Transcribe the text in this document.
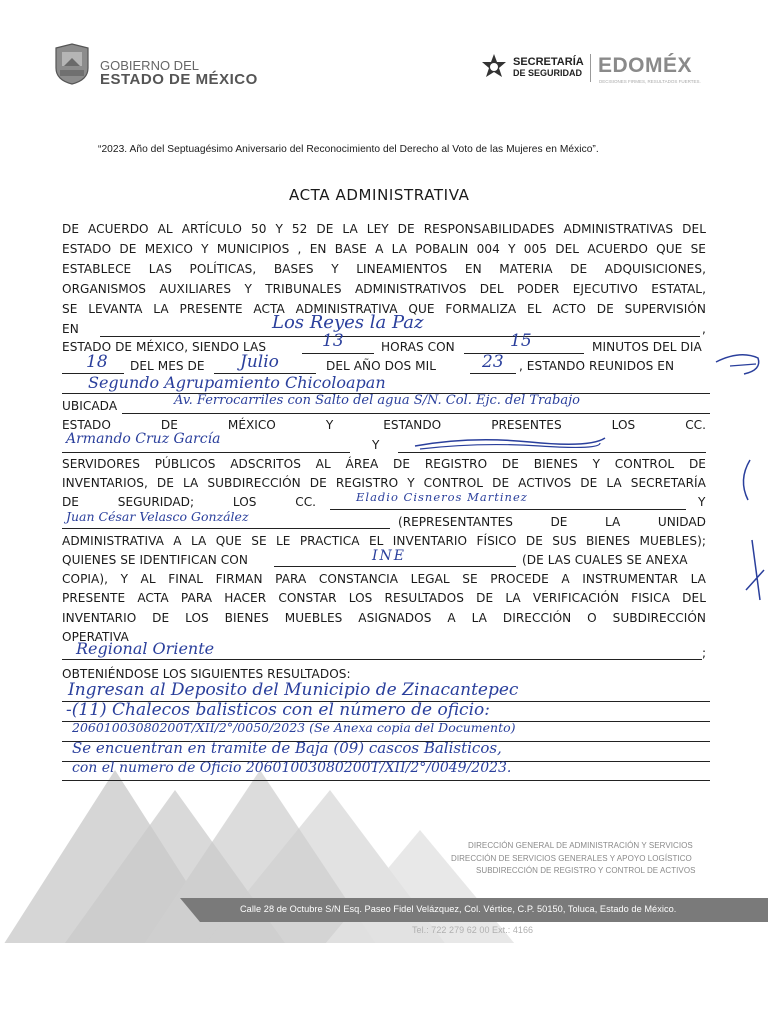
GOBIERNO DEL
ESTADO DE MÉXICO
SECRETARÍA
DE SEGURIDAD EDOMÉX
DECISIONES FIRMES, RESULTADOS FUERTES.
“2023. Año del Septuagésimo Aniversario del Reconocimiento del Derecho al Voto de las Mujeres en México”.
ACTA ADMINISTRATIVA
DE ACUERDO AL ARTÍCULO 50 Y 52 DE LA LEY DE RESPONSABILIDADES ADMINISTRATIVAS DEL
ESTADO DE MEXICO Y MUNICIPIOS , EN BASE A LA POBALIN 004 Y 005 DEL ACUERDO QUE SE
ESTABLECE LAS POLÍTICAS, BASES Y LINEAMIENTOS EN MATERIA DE ADQUISICIONES,
ORGANISMOS AUXILIARES Y TRIBUNALES ADMINISTRATIVOS DEL PODER EJECUTIVO ESTATAL,
SE LEVANTA LA PRESENTE ACTA ADMINISTRATIVA QUE FORMALIZA EL ACTO DE SUPERVISIÓN
EN	,
Los Reyes la Paz
ESTADO DE MÉXICO, SIENDO LAS	13	HORAS CON	15	MINUTOS DEL DIA
18 DEL MES DE Julio	DEL AÑO DOS MIL	23 , ESTANDO REUNIDOS EN
Segundo Agrupamiento Chicoloapan
UBICADA	Av. Ferrocarriles con Salto del agua S/N. Col. Ejc. del Trabajo
ESTADO	DE	MÉXICO	Y	ESTANDO	PRESENTES	LOS	CC.
Armando Cruz García	Y
SERVIDORES PÚBLICOS ADSCRITOS AL ÁREA DE REGISTRO DE BIENES Y CONTROL DE
INVENTARIOS, DE LA SUBDIRECCIÓN DE REGISTRO Y CONTROL DE ACTIVOS DE LA SECRETARÍA
DE	SEGURIDAD;	LOS	CC.	Eladio Cisneros Martinez	Y
Juan César Velasco González	(REPRESENTANTES	DE	LA	UNIDAD
ADMINISTRATIVA A LA QUE SE LE PRACTICA EL INVENTARIO FÍSICO DE SUS BIENES MUEBLES);
QUIENES SE IDENTIFICAN CON	INE	(DE LAS CUALES SE ANEXA
COPIA), Y AL FINAL FIRMAN PARA CONSTANCIA LEGAL SE PROCEDE A INSTRUMENTAR LA
PRESENTE ACTA PARA HACER CONSTAR LOS RESULTADOS DE LA VERIFICACIÓN FISICA DEL
INVENTARIO DE LOS BIENES MUEBLES ASIGNADOS A LA DIRECCIÓN O SUBDIRECCIÓN
OPERATIVA
Regional Oriente	;
OBTENIÉNDOSE LOS SIGUIENTES RESULTADOS:
Ingresan al Deposito del Municipio de Zinacantepec
-(11) Chalecos balisticos con el número de oficio:
20601003080200T/XII/2°/0050/2023 (Se Anexa copia del Documento)
Se encuentran en tramite de Baja (09) cascos Balisticos,
con el numero de Oficio 20601003080200T/XII/2°/0049/2023.
DIRECCIÓN GENERAL DE ADMINISTRACIÓN Y SERVICIOS
DIRECCIÓN DE SERVICIOS GENERALES Y APOYO LOGÍSTICO
SUBDIRECCIÓN DE REGISTRO Y CONTROL DE ACTIVOS
Calle 28 de Octubre S/N Esq. Paseo Fidel Velázquez, Col. Vértice, C.P. 50150, Toluca, Estado de México.
Tel.: 722 279 62 00 Ext.: 4166
